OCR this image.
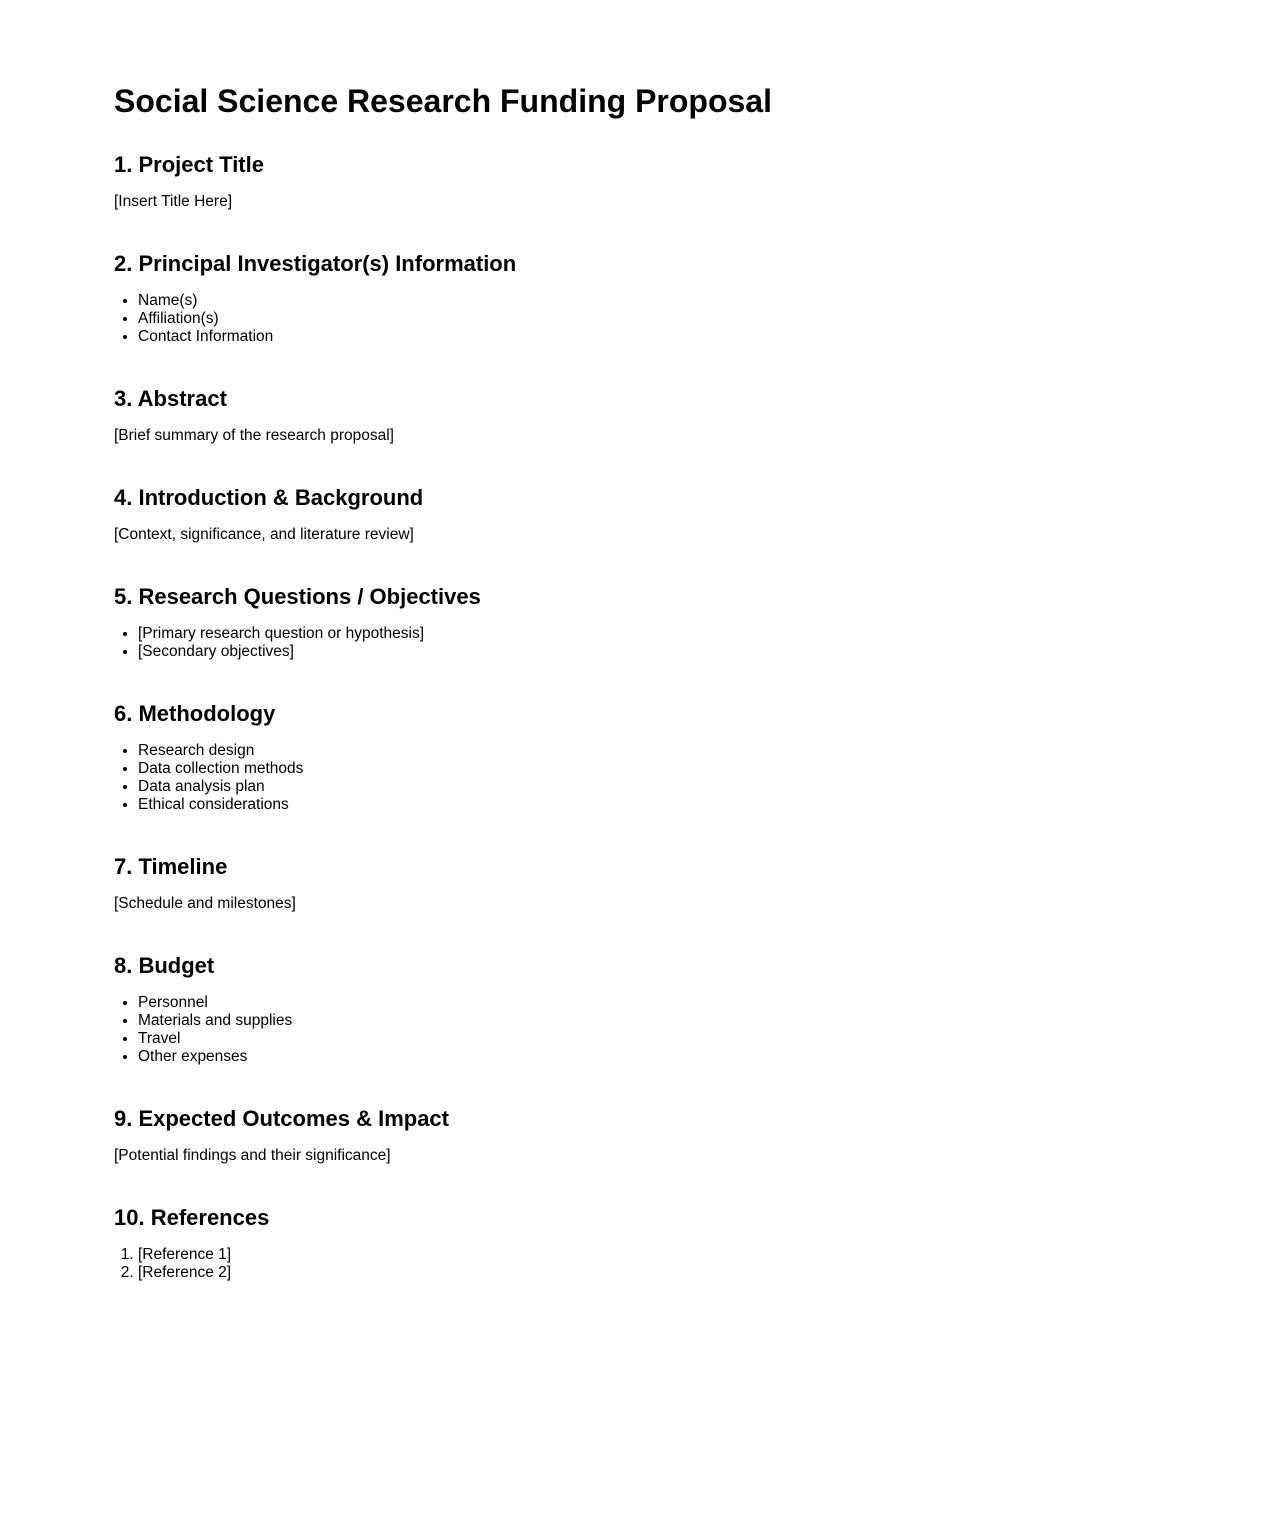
Social Science Research Funding Proposal
1. Project Title

[Insert Title Here]

2. Principal Investigator(s) Information
• Name(s)
• Affiliation(s)
• Contact Information
3. Abstract

[Brief summary of the research proposal]

4. Introduction & Background

[Context, significance, and literature review]

5. Research Questions / Objectives
• [Primary research question or hypothesis]
• [Secondary objectives]
6. Methodology
• Research design
• Data collection methods
• Data analysis plan
• Ethical considerations
7. Timeline

[Schedule and milestones]

8. Budget
• Personnel
• Materials and supplies
• Travel
• Other expenses
9. Expected Outcomes & Impact

[Potential findings and their significance]

10. References
1. [Reference 1]
2. [Reference 2]
